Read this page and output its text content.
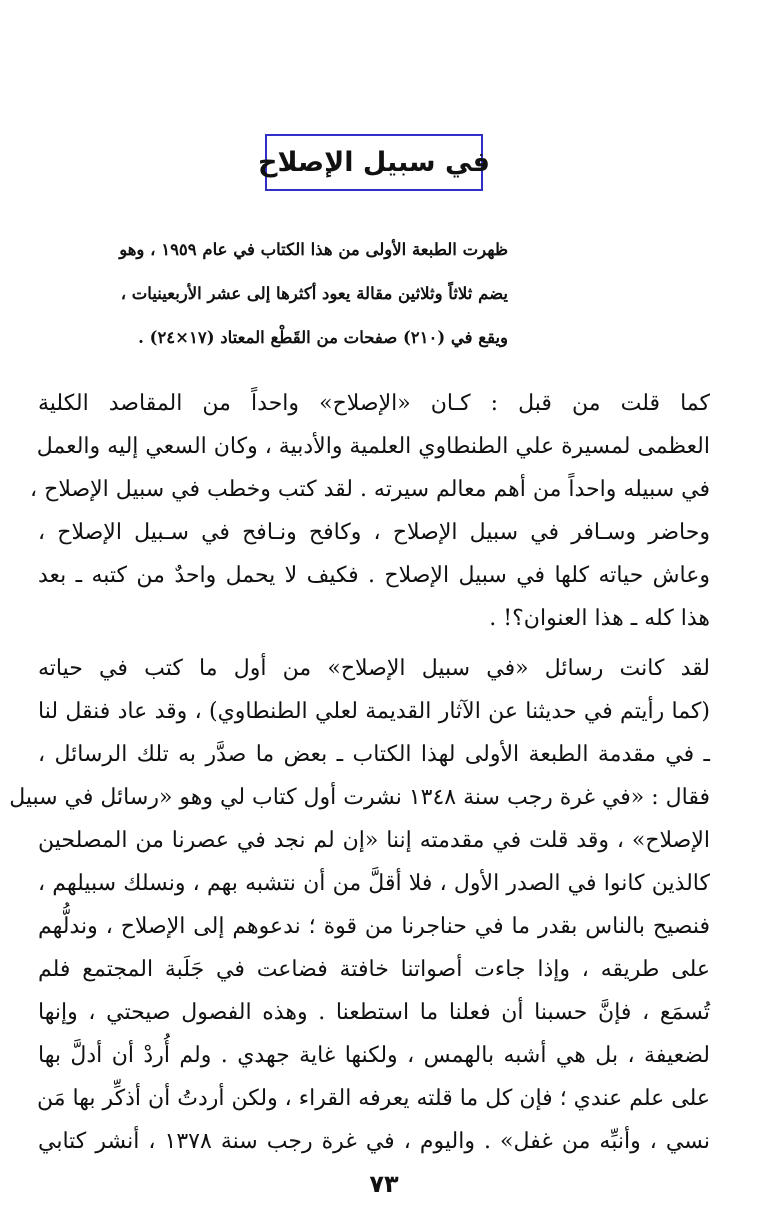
في سبيل الإصلاح
ظهرت الطبعة الأولى من هذا الكتاب في عام ١٩٥٩ ، وهو
يضم ثلاثاً وثلاثين مقالة يعود أكثرها إلى عشر الأربعينيات ،
ويقع في (٢١٠) صفحات من القَطْع المعتاد (١٧×٢٤) .
كما قلت من قبل : كـان «الإصلاح» واحداً من المقاصد الكلية
العظمى لمسيرة علي الطنطاوي العلمية والأدبية ، وكان السعي إليه والعمل
في سبيله واحداً من أهم معالم سيرته . لقد كتب وخطب في سبيل الإصلاح ،
وحاضر وسـافر في سبيل الإصلاح ، وكافح ونـافح في سـبيل الإصلاح ،
وعاش حياته كلها في سبيل الإصلاح . فكيف لا يحمل واحدٌ من كتبه ـ بعد
هذا كله ـ هذا العنوان؟! .
لقد كانت رسائل «في سبيل الإصلاح» من أول ما كتب في حياته
(كما رأيتم في حديثنا عن الآثار القديمة لعلي الطنطاوي) ، وقد عاد فنقل لنا
ـ في مقدمة الطبعة الأولى لهذا الكتاب ـ بعض ما صدَّر به تلك الرسائل ،
فقال : «في غرة رجب سنة ١٣٤٨ نشرت أول كتاب لي وهو «رسائل في سبيل
الإصلاح» ، وقد قلت في مقدمته إننا «إن لم نجد في عصرنا من المصلحين
كالذين كانوا في الصدر الأول ، فلا أقلَّ من أن نتشبه بهم ، ونسلك سبيلهم ،
فنصيح بالناس بقدر ما في حناجرنا من قوة ؛ ندعوهم إلى الإصلاح ، وندلُّهم
على طريقه ، وإذا جاءت أصواتنا خافتة فضاعت في جَلَبة المجتمع فلم
تُسمَع ، فإنَّ حسبنا أن فعلنا ما استطعنا . وهذه الفصول صيحتي ، وإنها
لضعيفة ، بل هي أشبه بالهمس ، ولكنها غاية جهدي . ولم أُردْ أن أدلَّ بها
على علم عندي ؛ فإن كل ما قلته يعرفه القراء ، ولكن أردتُ أن أذكِّر بها مَن
نسي ، وأنبِّه من غفل» . واليوم ، في غرة رجب سنة ١٣٧٨ ، أنشر كتابي
٧٣
